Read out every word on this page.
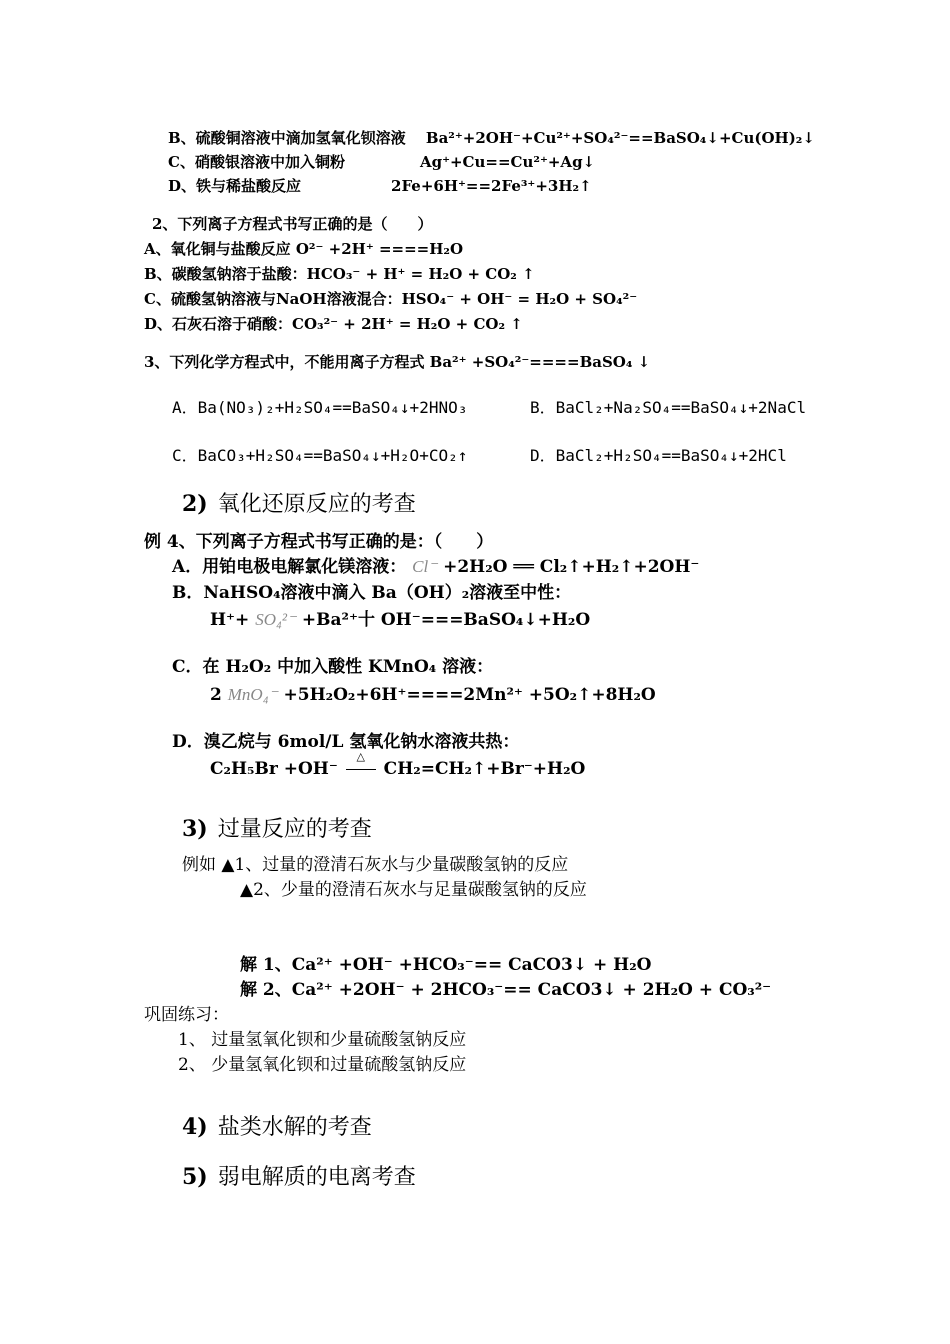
B、硫酸铜溶液中滴加氢氧化钡溶液　 Ba²⁺+2OH⁻+Cu²⁺+SO₄²⁻==BaSO₄↓+Cu(OH)₂↓
C、硝酸银溶液中加入铜粉　　　　　Ag⁺+Cu==Cu²⁺+Ag↓
D、铁与稀盐酸反应　　　　　　2Fe+6H⁺==2Fe³⁺+3H₂↑
2、下列离子方程式书写正确的是（　　）
A、氧化铜与盐酸反应 O²⁻ +2H⁺ ====H₂O
B、碳酸氢钠溶于盐酸：HCO₃⁻ + H⁺ = H₂O + CO₂ ↑
C、硫酸氢钠溶液与NaOH溶液混合：HSO₄⁻ + OH⁻ = H₂O + SO₄²⁻
D、石灰石溶于硝酸：CO₃²⁻ + 2H⁺ = H₂O + CO₂ ↑
3、下列化学方程式中，不能用离子方程式 Ba²⁺ +SO₄²⁻====BaSO₄ ↓
A．Ba(NO₃)₂+H₂SO₄==BaSO₄↓+2HNO₃	B．BaCl₂+Na₂SO₄==BaSO₄↓+2NaCl
C．BaCO₃+H₂SO₄==BaSO₄↓+H₂O+CO₂↑	D．BaCl₂+H₂SO₄==BaSO₄↓+2HCl
2) 氧化还原反应的考查
例 4、下列离子方程式书写正确的是：（　　）
A．用铂电极电解氯化镁溶液： Cl⁻ +2H₂O ══ Cl₂↑+H₂↑+2OH⁻
B．NaHSO₄溶液中滴入 Ba（OH）₂溶液至中性：
H⁺+ SO₄²⁻ +Ba²⁺十 OH⁻===BaSO₄↓+H₂O
C．在 H₂O₂ 中加入酸性 KMnO₄ 溶液：
2 MnO₄⁻ +5H₂O₂+6H⁺====2Mn²⁺ +5O₂↑+8H₂O
D．溴乙烷与 6mol/L 氢氧化钠水溶液共热：
C₂H₅Br +OH⁻
△
CH₂=CH₂↑+Br⁻+H₂O
3) 过量反应的考查
例如 ▲1、过量的澄清石灰水与少量碳酸氢钠的反应
▲2、少量的澄清石灰水与足量碳酸氢钠的反应
解 1、Ca²⁺ +OH⁻ +HCO₃⁻== CaCO3↓ + H₂O
解 2、Ca²⁺ +2OH⁻ + 2HCO₃⁻== CaCO3↓ + 2H₂O + CO₃²⁻
巩固练习：
1、 过量氢氧化钡和少量硫酸氢钠反应
2、 少量氢氧化钡和过量硫酸氢钠反应
4) 盐类水解的考查
5) 弱电解质的电离考查
